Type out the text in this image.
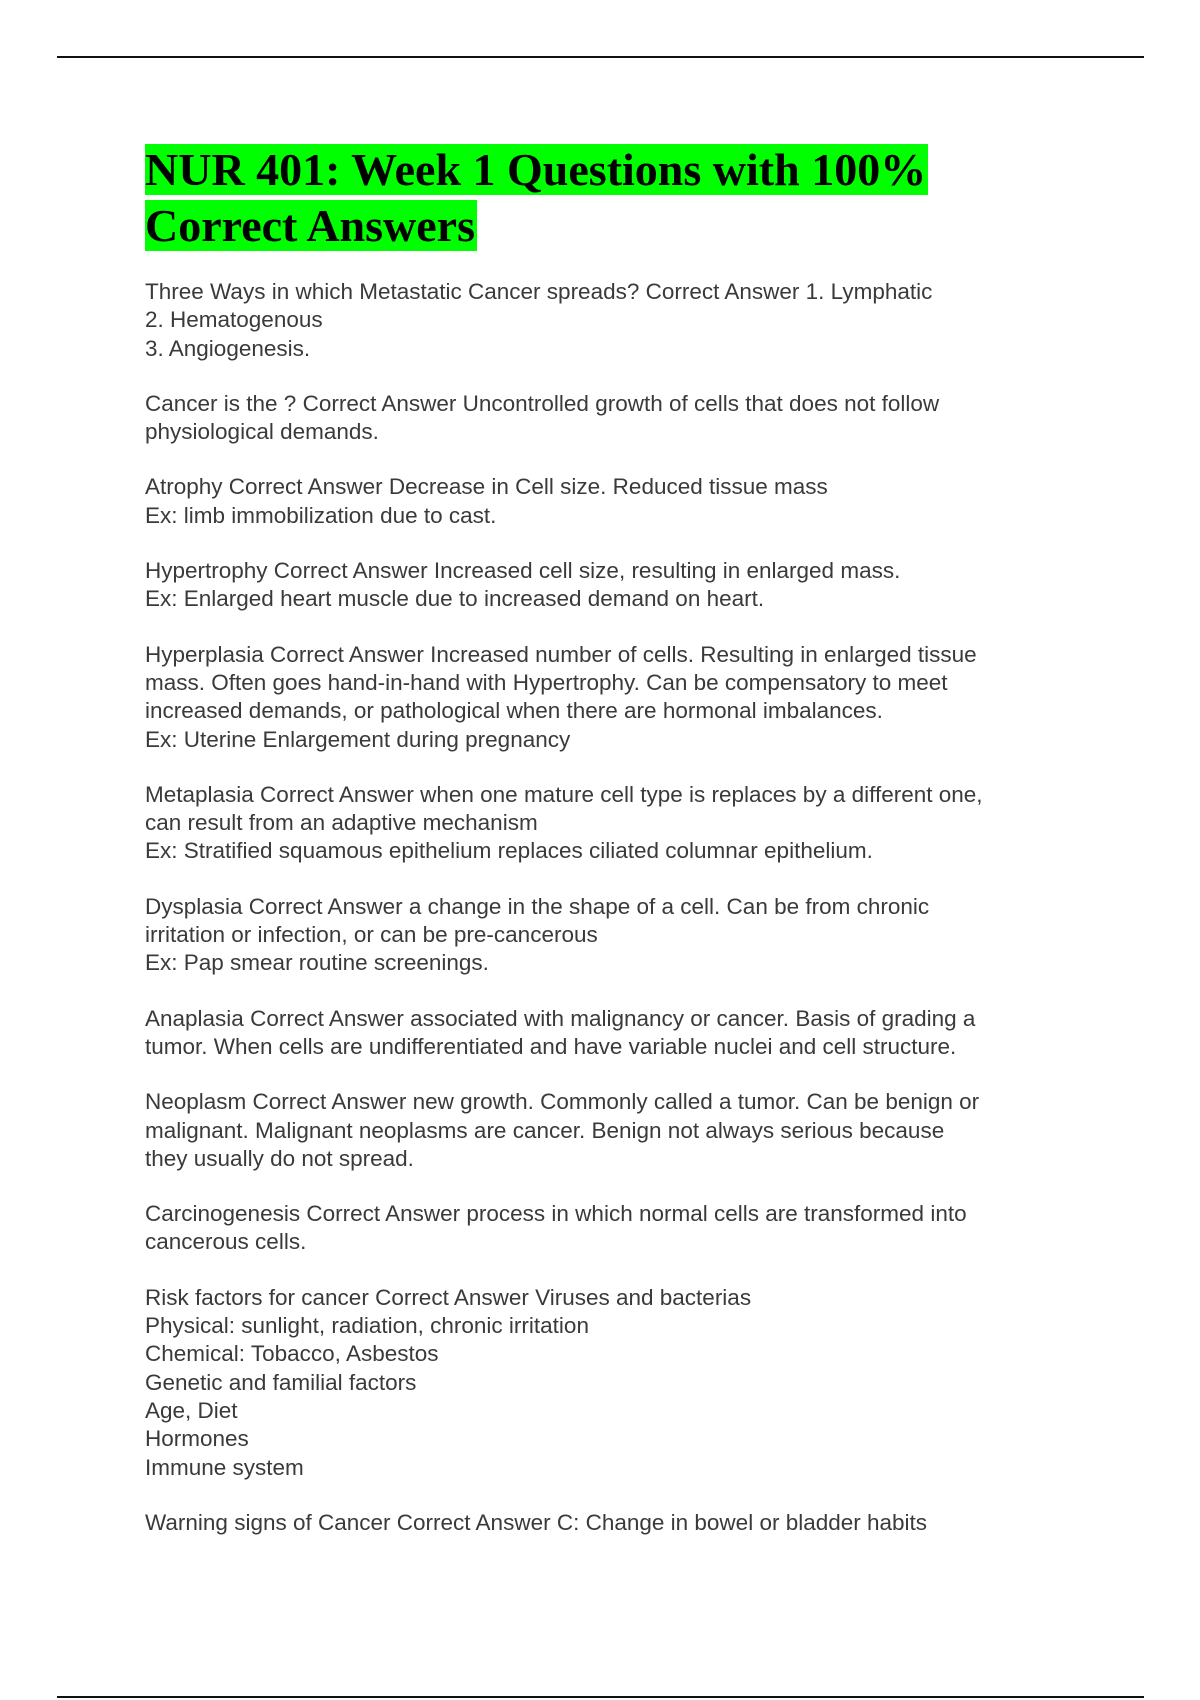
NUR 401: Week 1 Questions with 100%
Correct Answers
Three Ways in which Metastatic Cancer spreads? Correct Answer 1. Lymphatic
2. Hematogenous
3. Angiogenesis.
Cancer is the ? Correct Answer Uncontrolled growth of cells that does not follow
physiological demands.
Atrophy Correct Answer Decrease in Cell size. Reduced tissue mass
Ex: limb immobilization due to cast.
Hypertrophy Correct Answer Increased cell size, resulting in enlarged mass.
Ex: Enlarged heart muscle due to increased demand on heart.
Hyperplasia Correct Answer Increased number of cells. Resulting in enlarged tissue
mass. Often goes hand-in-hand with Hypertrophy. Can be compensatory to meet
increased demands, or pathological when there are hormonal imbalances.
Ex: Uterine Enlargement during pregnancy
Metaplasia Correct Answer when one mature cell type is replaces by a different one,
can result from an adaptive mechanism
Ex: Stratified squamous epithelium replaces ciliated columnar epithelium.
Dysplasia Correct Answer a change in the shape of a cell. Can be from chronic
irritation or infection, or can be pre-cancerous
Ex: Pap smear routine screenings.
Anaplasia Correct Answer associated with malignancy or cancer. Basis of grading a
tumor. When cells are undifferentiated and have variable nuclei and cell structure.
Neoplasm Correct Answer new growth. Commonly called a tumor. Can be benign or
malignant. Malignant neoplasms are cancer. Benign not always serious because
they usually do not spread.
Carcinogenesis Correct Answer process in which normal cells are transformed into
cancerous cells.
Risk factors for cancer Correct Answer Viruses and bacterias
Physical: sunlight, radiation, chronic irritation
Chemical: Tobacco, Asbestos
Genetic and familial factors
Age, Diet
Hormones
Immune system
Warning signs of Cancer Correct Answer C: Change in bowel or bladder habits
